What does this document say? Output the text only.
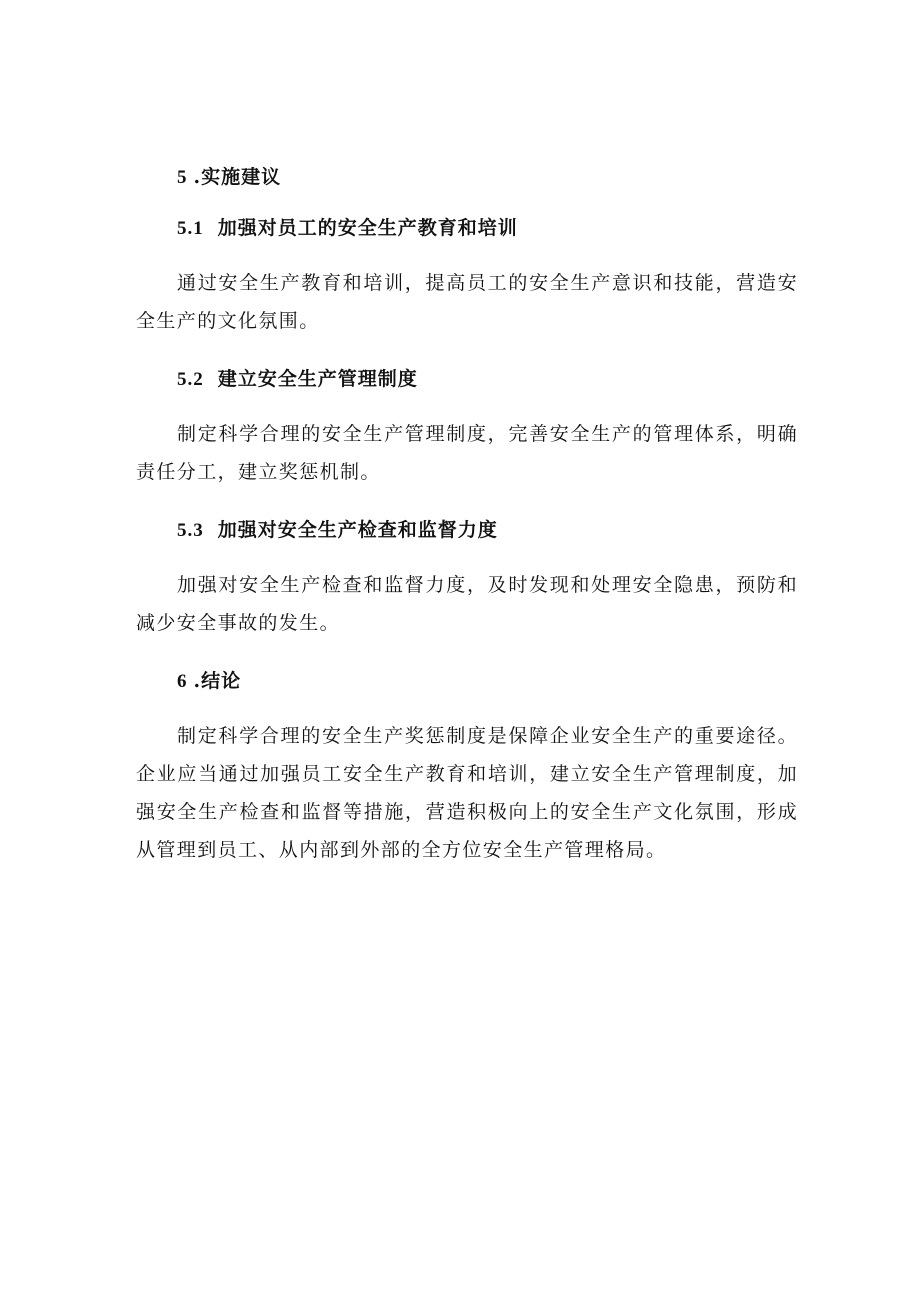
5 .实施建议
5.1 加强对员工的安全生产教育和培训

通过安全生产教育和培训，提高员工的安全生产意识和技能，营造安全生产的文化氛围。

5.2 建立安全生产管理制度

制定科学合理的安全生产管理制度，完善安全生产的管理体系，明确责任分工，建立奖惩机制。

5.3 加强对安全生产检查和监督力度

加强对安全生产检查和监督力度，及时发现和处理安全隐患，预防和减少安全事故的发生。

6 .结论

制定科学合理的安全生产奖惩制度是保障企业安全生产的重要途径。企业应当通过加强员工安全生产教育和培训，建立安全生产管理制度，加强安全生产检查和监督等措施，营造积极向上的安全生产文化氛围，形成从管理到员工、从内部到外部的全方位安全生产管理格局。
